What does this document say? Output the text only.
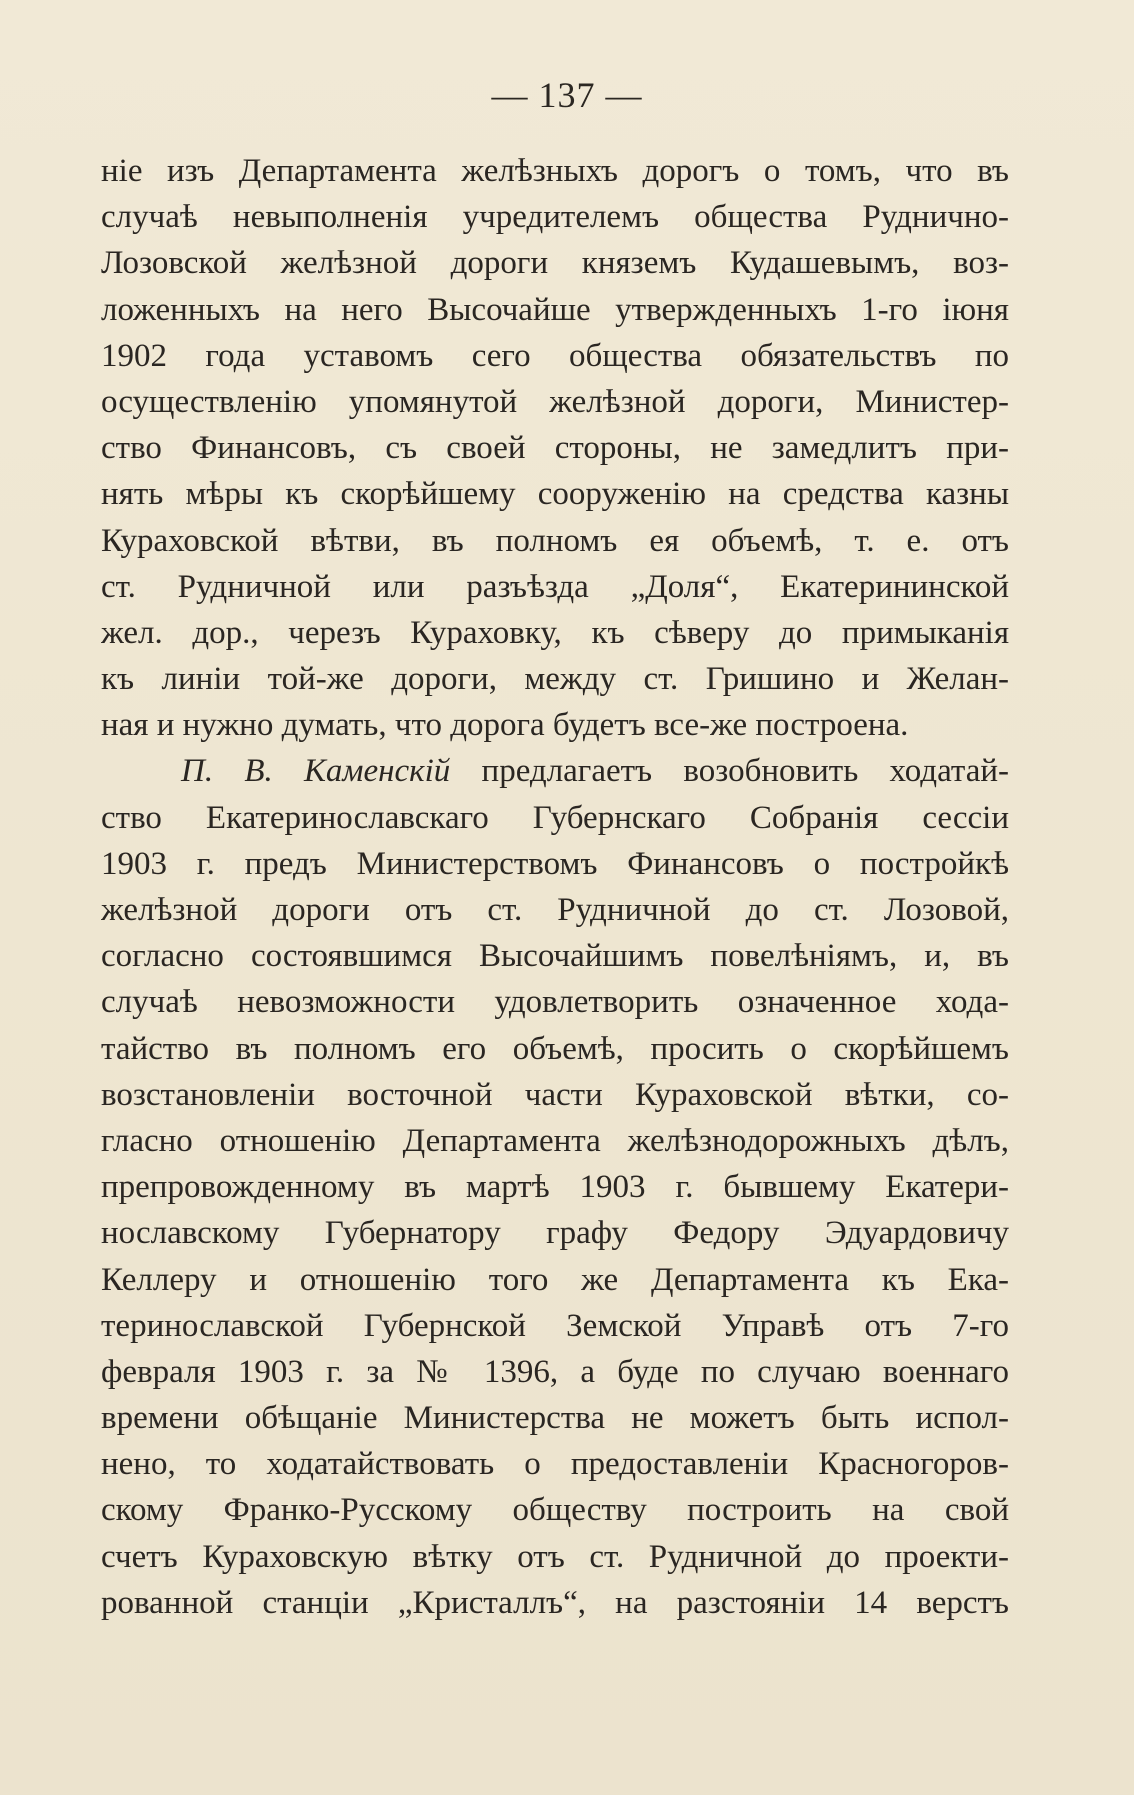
— 137 —
ніе изъ Департамента желѣзныхъ дорогъ о томъ, что въ
случаѣ невыполненія учредителемъ общества Руднично-
Лозовской желѣзной дороги княземъ Кудашевымъ, воз-
ложенныхъ на него Высочайше утвержденныхъ 1-го іюня
1902 года уставомъ сего общества обязательствъ по
осуществленію упомянутой желѣзной дороги, Министер-
ство Финансовъ, съ своей стороны, не замедлитъ при-
нять мѣры къ скорѣйшему сооруженію на средства казны
Кураховской вѣтви, въ полномъ ея объемѣ, т. е. отъ
ст. Рудничной или разъѣзда „Доля“, Екатерининской
жел. дор., черезъ Кураховку, къ сѣверу до примыканія
къ линіи той-же дороги, между ст. Гришино и Желан-
ная и нужно думать, что дорога будетъ все-же построена.
П. В. Каменскій предлагаетъ возобновить ходатай-
ство Екатеринославскаго Губернскаго Собранія сессіи
1903 г. предъ Министерствомъ Финансовъ о постройкѣ
желѣзной дороги отъ ст. Рудничной до ст. Лозовой,
согласно состоявшимся Высочайшимъ повелѣніямъ, и, въ
случаѣ невозможности удовлетворить означенное хода-
тайство въ полномъ его объемѣ, просить о скорѣйшемъ
возстановленіи восточной части Кураховской вѣтки, со-
гласно отношенію Департамента желѣзнодорожныхъ дѣлъ,
препровожденному въ мартѣ 1903 г. бывшему Екатери-
нославскому Губернатору графу Федору Эдуардовичу
Келлеру и отношенію того же Департамента къ Ека-
теринославской Губернской Земской Управѣ отъ 7-го
февраля 1903 г. за № 1396, а буде по случаю военнаго
времени обѣщаніе Министерства не можетъ быть испол-
нено, то ходатайствовать о предоставленіи Красногоров-
скому Франко-Русскому обществу построить на свой
счетъ Кураховскую вѣтку отъ ст. Рудничной до проекти-
рованной станціи „Кристаллъ“, на разстояніи 14 верстъ
